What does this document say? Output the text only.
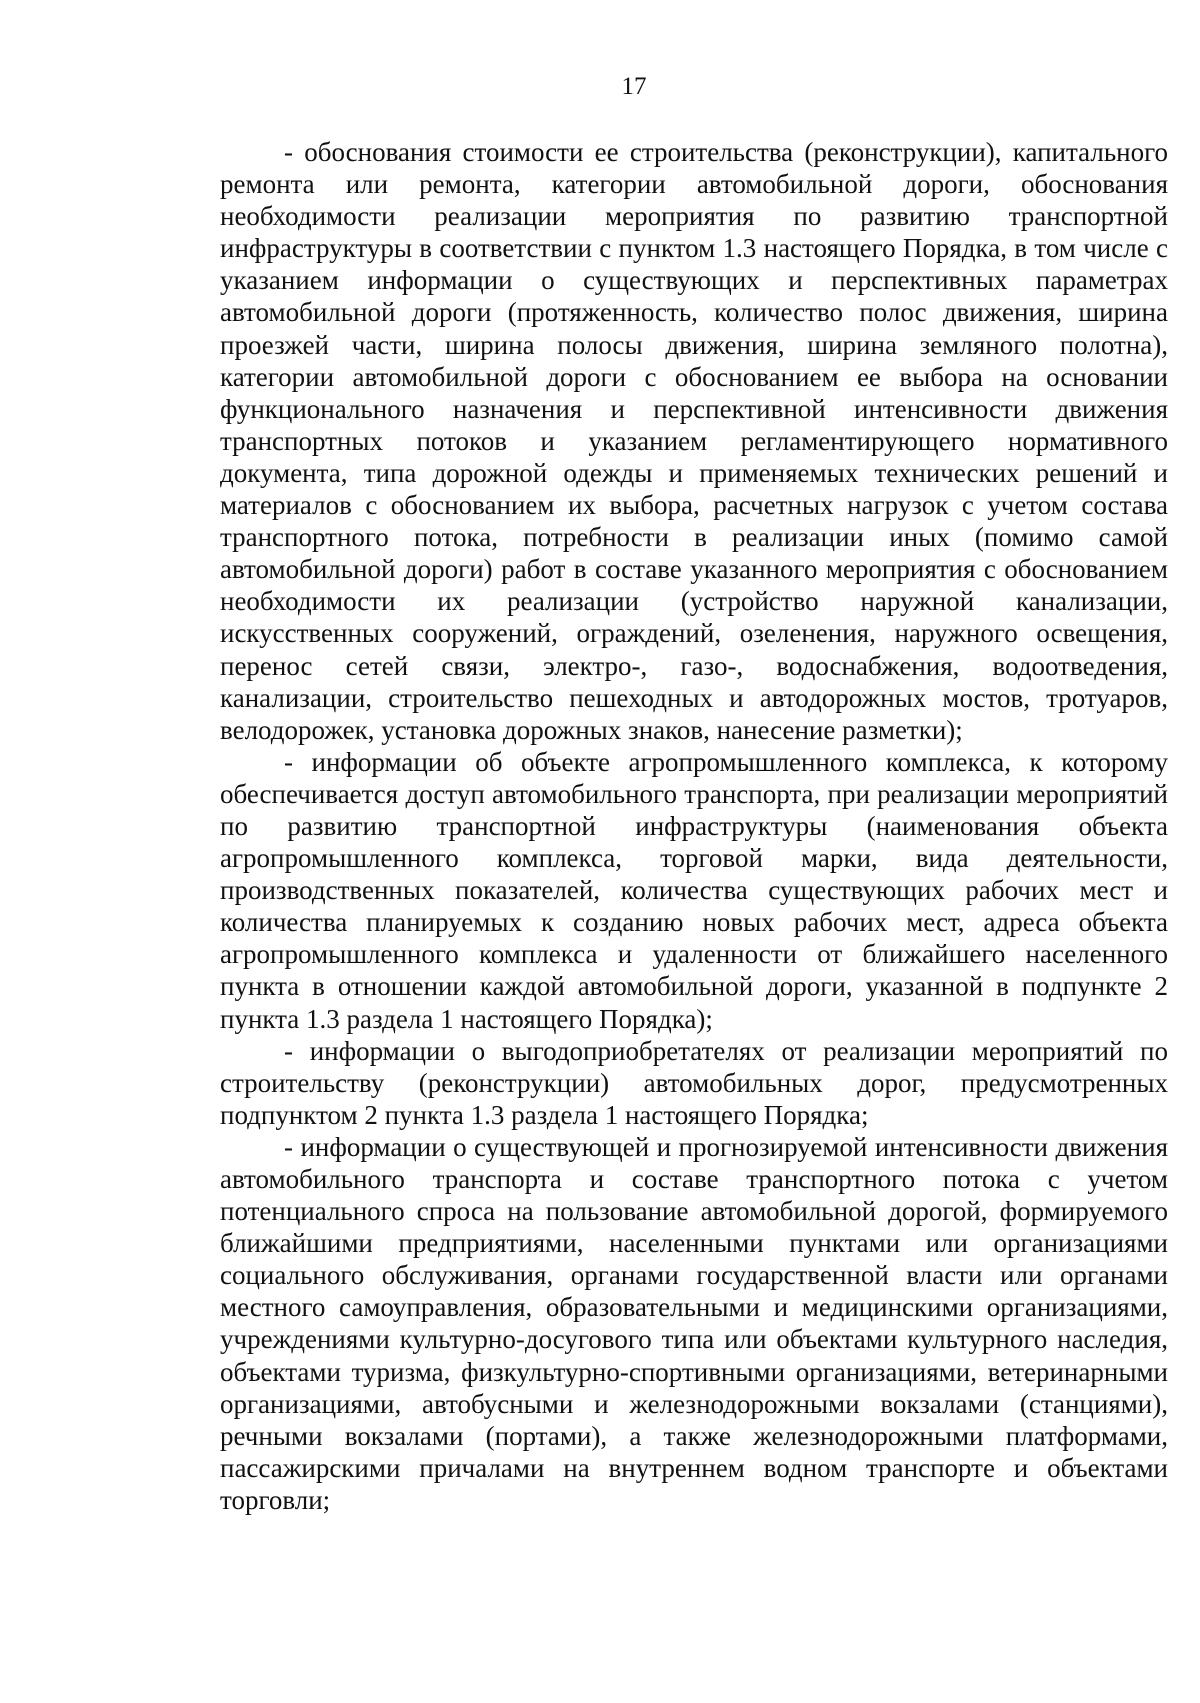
17

- обоснования стоимости ее строительства (реконструкции), капитального ремонта или ремонта, категории автомобильной дороги, обоснования необходимости реализации мероприятия по развитию транспортной инфраструктуры в соответствии с пунктом 1.3 настоящего Порядка, в том числе с указанием информации о существующих и перспективных параметрах автомобильной дороги (протяженность, количество полос движения, ширина проезжей части, ширина полосы движения, ширина земляного полотна), категории автомобильной дороги с обоснованием ее выбора на основании функционального назначения и перспективной интенсивности движения транспортных потоков и указанием регламентирующего нормативного документа, типа дорожной одежды и применяемых технических решений и материалов с обоснованием их выбора, расчетных нагрузок с учетом состава транспортного потока, потребности в реализации иных (помимо самой автомобильной дороги) работ в составе указанного мероприятия с обоснованием необходимости их реализации (устройство наружной канализации, искусственных сооружений, ограждений, озеленения, наружного освещения, перенос сетей связи, электро-, газо-, водоснабжения, водоотведения, канализации, строительство пешеходных и автодорожных мостов, тротуаров, велодорожек, установка дорожных знаков, нанесение разметки);

- информации об объекте агропромышленного комплекса, к которому обеспечивается доступ автомобильного транспорта, при реализации мероприятий по развитию транспортной инфраструктуры (наименования объекта агропромышленного комплекса, торговой марки, вида деятельности, производственных показателей, количества существующих рабочих мест и количества планируемых к созданию новых рабочих мест, адреса объекта агропромышленного комплекса и удаленности от ближайшего населенного пункта в отношении каждой автомобильной дороги, указанной в подпункте 2 пункта 1.3 раздела 1 настоящего Порядка);

- информации о выгодоприобретателях от реализации мероприятий по строительству (реконструкции) автомобильных дорог, предусмотренных подпунктом 2 пункта 1.3 раздела 1 настоящего Порядка;

- информации о существующей и прогнозируемой интенсивности движения автомобильного транспорта и составе транспортного потока с учетом потенциального спроса на пользование автомобильной дорогой, формируемого ближайшими предприятиями, населенными пунктами или организациями социального обслуживания, органами государственной власти или органами местного самоуправления, образовательными и медицинскими организациями, учреждениями культурно-досугового типа или объектами культурного наследия, объектами туризма, физкультурно-спортивными организациями, ветеринарными организациями, автобусными и железнодорожными вокзалами (станциями), речными вокзалами (портами), а также железнодорожными платформами, пассажирскими причалами на внутреннем водном транспорте и объектами торговли;
